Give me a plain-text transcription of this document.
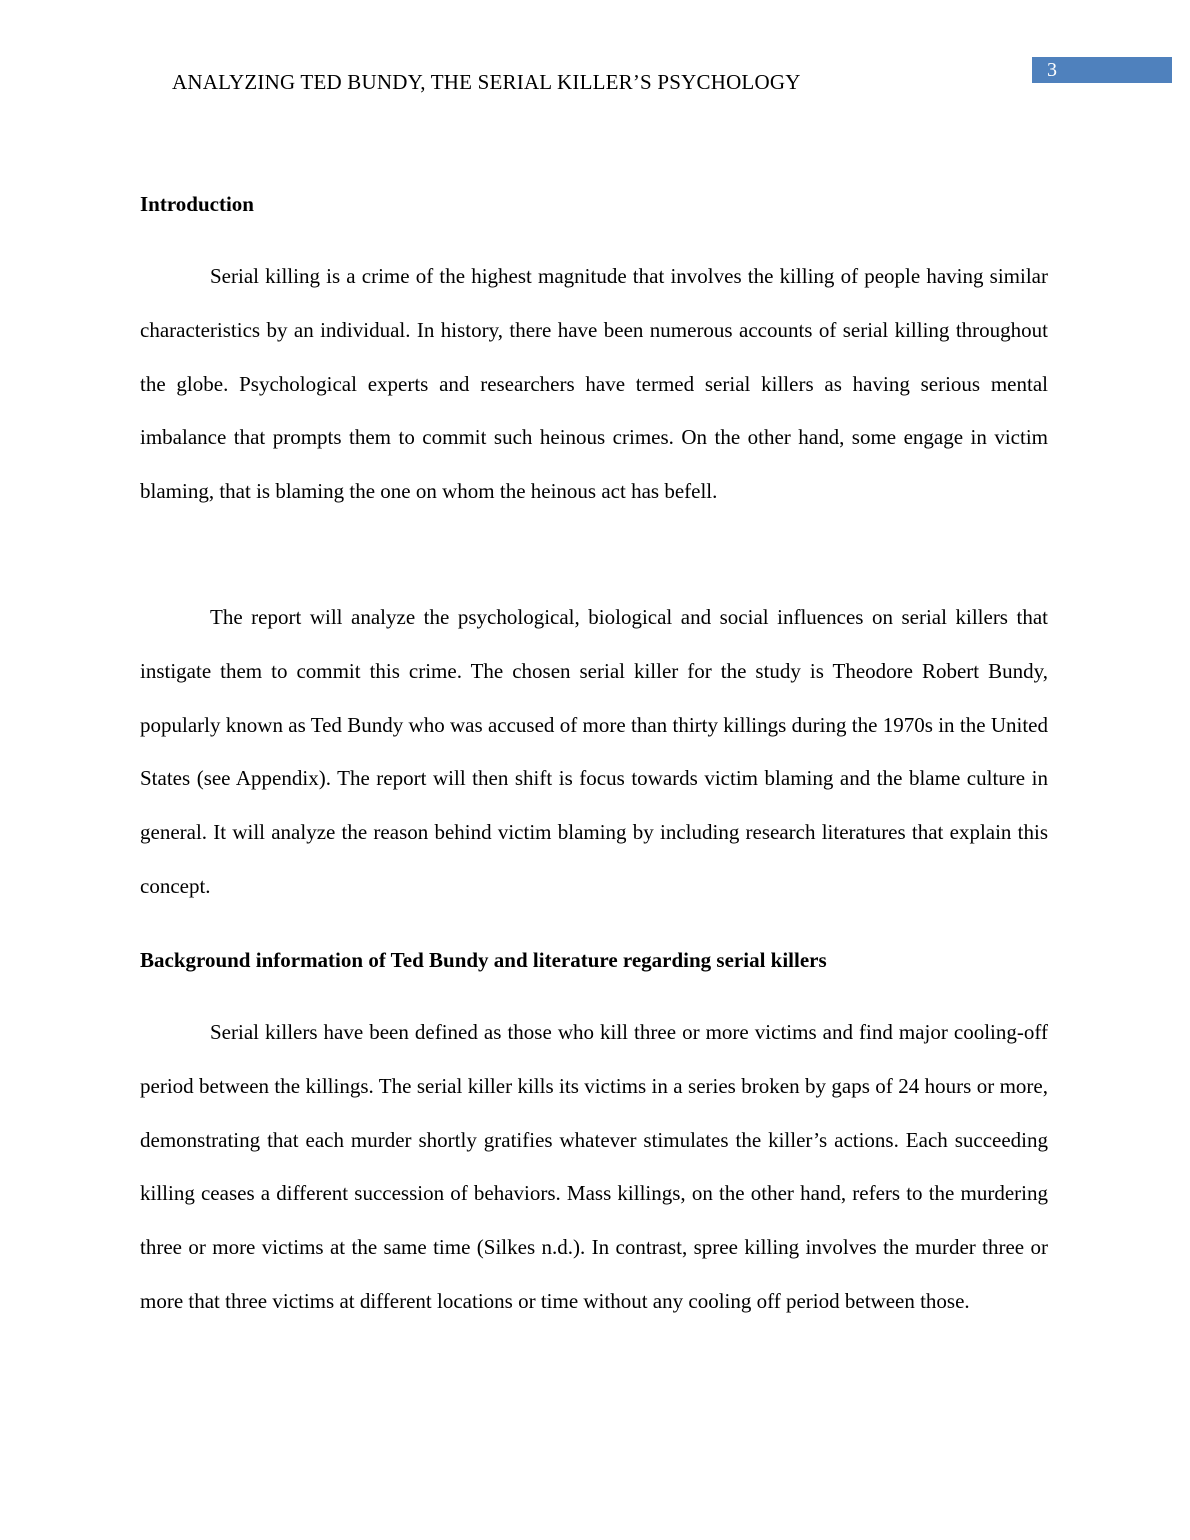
ANALYZING TED BUNDY, THE SERIAL KILLER’S PSYCHOLOGY	3
Introduction

Serial killing is a crime of the highest magnitude that involves the killing of people having similar characteristics by an individual. In history, there have been numerous accounts of serial killing throughout the globe. Psychological experts and researchers have termed serial killers as having serious mental imbalance that prompts them to commit such heinous crimes. On the other hand, some engage in victim blaming, that is blaming the one on whom the heinous act has befell.

The report will analyze the psychological, biological and social influences on serial killers that instigate them to commit this crime. The chosen serial killer for the study is Theodore Robert Bundy, popularly known as Ted Bundy who was accused of more than thirty killings during the 1970s in the United States (see Appendix). The report will then shift is focus towards victim blaming and the blame culture in general. It will analyze the reason behind victim blaming by including research literatures that explain this concept.

Background information of Ted Bundy and literature regarding serial killers

Serial killers have been defined as those who kill three or more victims and find major cooling-off period between the killings. The serial killer kills its victims in a series broken by gaps of 24 hours or more, demonstrating that each murder shortly gratifies whatever stimulates the killer’s actions. Each succeeding killing ceases a different succession of behaviors. Mass killings, on the other hand, refers to the murdering three or more victims at the same time (Silkes n.d.). In contrast, spree killing involves the murder three or more that three victims at different locations or time without any cooling off period between those.
